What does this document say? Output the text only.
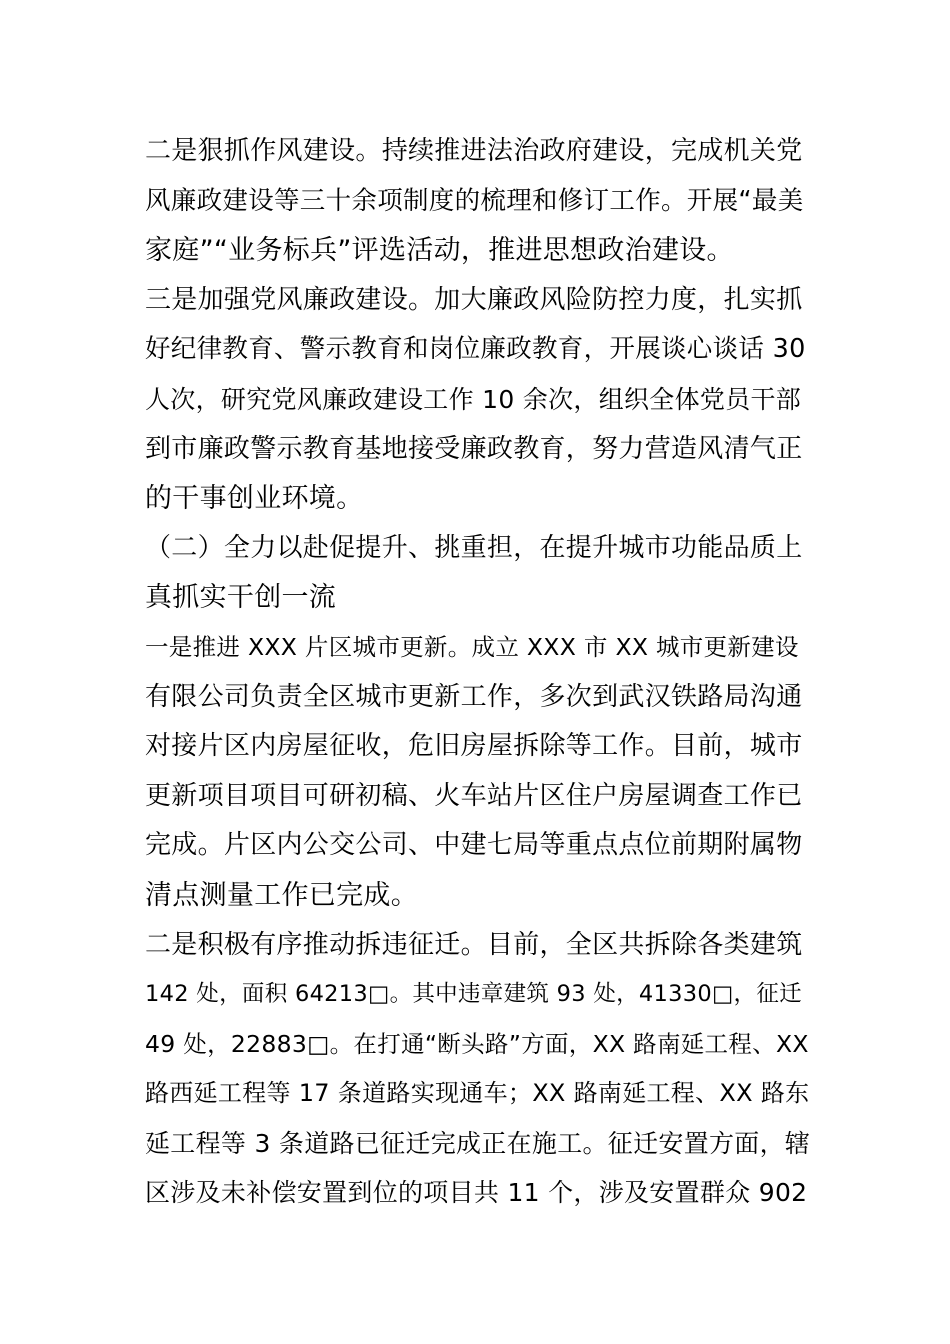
二是狠抓作风建设。持续推进法治政府建设，完成机关党
风廉政建设等三十余项制度的梳理和修订工作。开展“最美
家庭”“业务标兵”评选活动，推进思想政治建设。
三是加强党风廉政建设。加大廉政风险防控力度，扎实抓
好纪律教育、警示教育和岗位廉政教育，开展谈心谈话 30
人次，研究党风廉政建设工作 10 余次，组织全体党员干部
到市廉政警示教育基地接受廉政教育，努力营造风清气正
的干事创业环境。
（二）全力以赴促提升、挑重担，在提升城市功能品质上
真抓实干创一流
一是推进 XXX 片区城市更新。成立 XXX 市 XX 城市更新建设
有限公司负责全区城市更新工作，多次到武汉铁路局沟通
对接片区内房屋征收，危旧房屋拆除等工作。目前，城市
更新项目项目可研初稿、火车站片区住户房屋调查工作已
完成。片区内公交公司、中建七局等重点点位前期附属物
清点测量工作已完成。
二是积极有序推动拆违征迁。目前，全区共拆除各类建筑
142 处，面积 64213□。其中违章建筑 93 处，41330□，征迁
49 处，22883□。在打通“断头路”方面，XX 路南延工程、XX
路西延工程等 17 条道路实现通车；XX 路南延工程、XX 路东
延工程等 3 条道路已征迁完成正在施工。征迁安置方面，辖
区涉及未补偿安置到位的项目共 11 个，涉及安置群众 902
